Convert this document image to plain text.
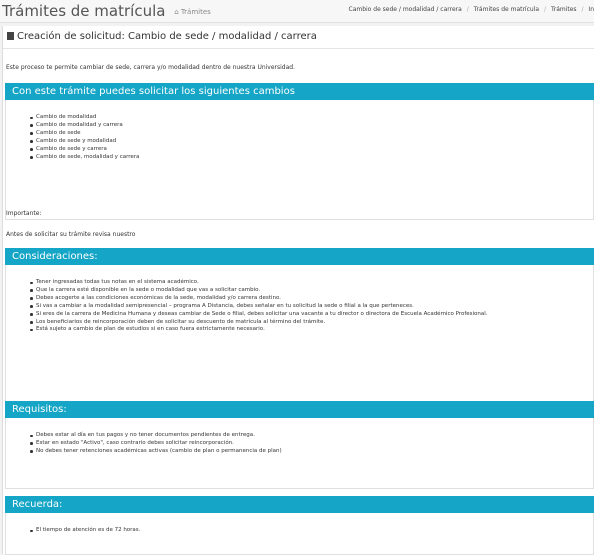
Trámites de matrícula ⌂ Trámites	Cambio de sede / modalidad / carrera / Trámites de matrícula / Trámites / In
Creación de solicitud: Cambio de sede / modalidad / carrera
Este proceso te permite cambiar de sede, carrera y/o modalidad dentro de nuestra Universidad.
Con este trámite puedes solicitar los siguientes cambios
Cambio de modalidad
Cambio de modalidad y carrera
Cambio de sede
Cambio de sede y modalidad
Cambio de sede y carrera
Cambio de sede, modalidad y carrera
Importante:
Antes de solicitar su trámite revisa nuestro
Consideraciones:
Tener ingresadas todas tus notas en el sistema académico.
Que la carrera esté disponible en la sede o modalidad que vas a solicitar cambio.
Debes acogerte a las condiciones económicas de la sede, modalidad y/o carrera destino.
Si vas a cambiar a la modalidad semipresencial – programa A Distancia, debes señalar en tu solicitud la sede o filial a la que perteneces.
Si eres de la carrera de Medicina Humana y deseas cambiar de Sede o filial, debes solicitar una vacante a tu director o directora de Escuela Académico Profesional.
Los beneficiarios de reincorporación deben de solicitar su descuento de matrícula al término del trámite.
Está sujeto a cambio de plan de estudios si en caso fuera estrictamente necesario.
Requisitos:
Debes estar al día en tus pagos y no tener documentos pendientes de entrega.
Estar en estado "Activo", caso contrario debes solicitar reincorporación.
No debes tener retenciones académicas activas (cambio de plan o permanencia de plan)
Recuerda:
El tiempo de atención es de 72 horas.
